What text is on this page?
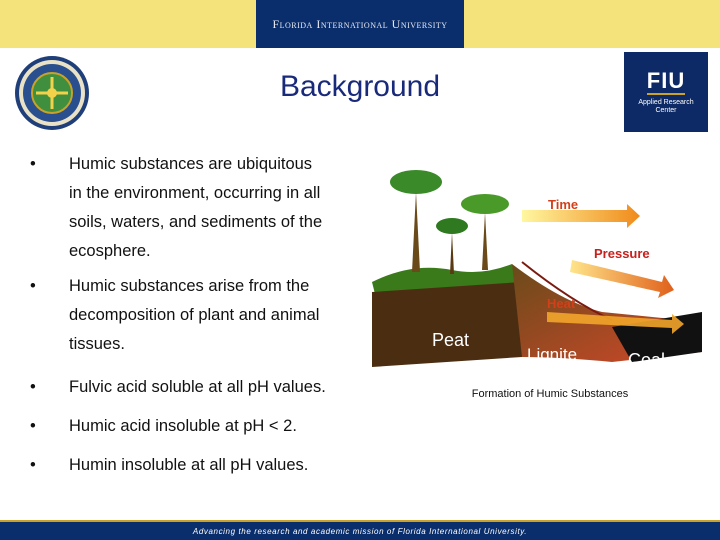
Florida International University
Background	FIU
Applied Research
Center
• Humic substances are ubiquitous
in the environment, occurring in all
soils, waters, and sediments of the
ecosphere.
• Humic substances arise from the
decomposition of plant and animal
tissues.
• Fulvic acid soluble at all pH values.
• Humic acid insoluble at pH < 2.
• Humin insoluble at all pH values.
Time
Pressure
Heat
Peat
Lignite	Coal
Formation of Humic Substances
Advancing the research and academic mission of Florida International University.
